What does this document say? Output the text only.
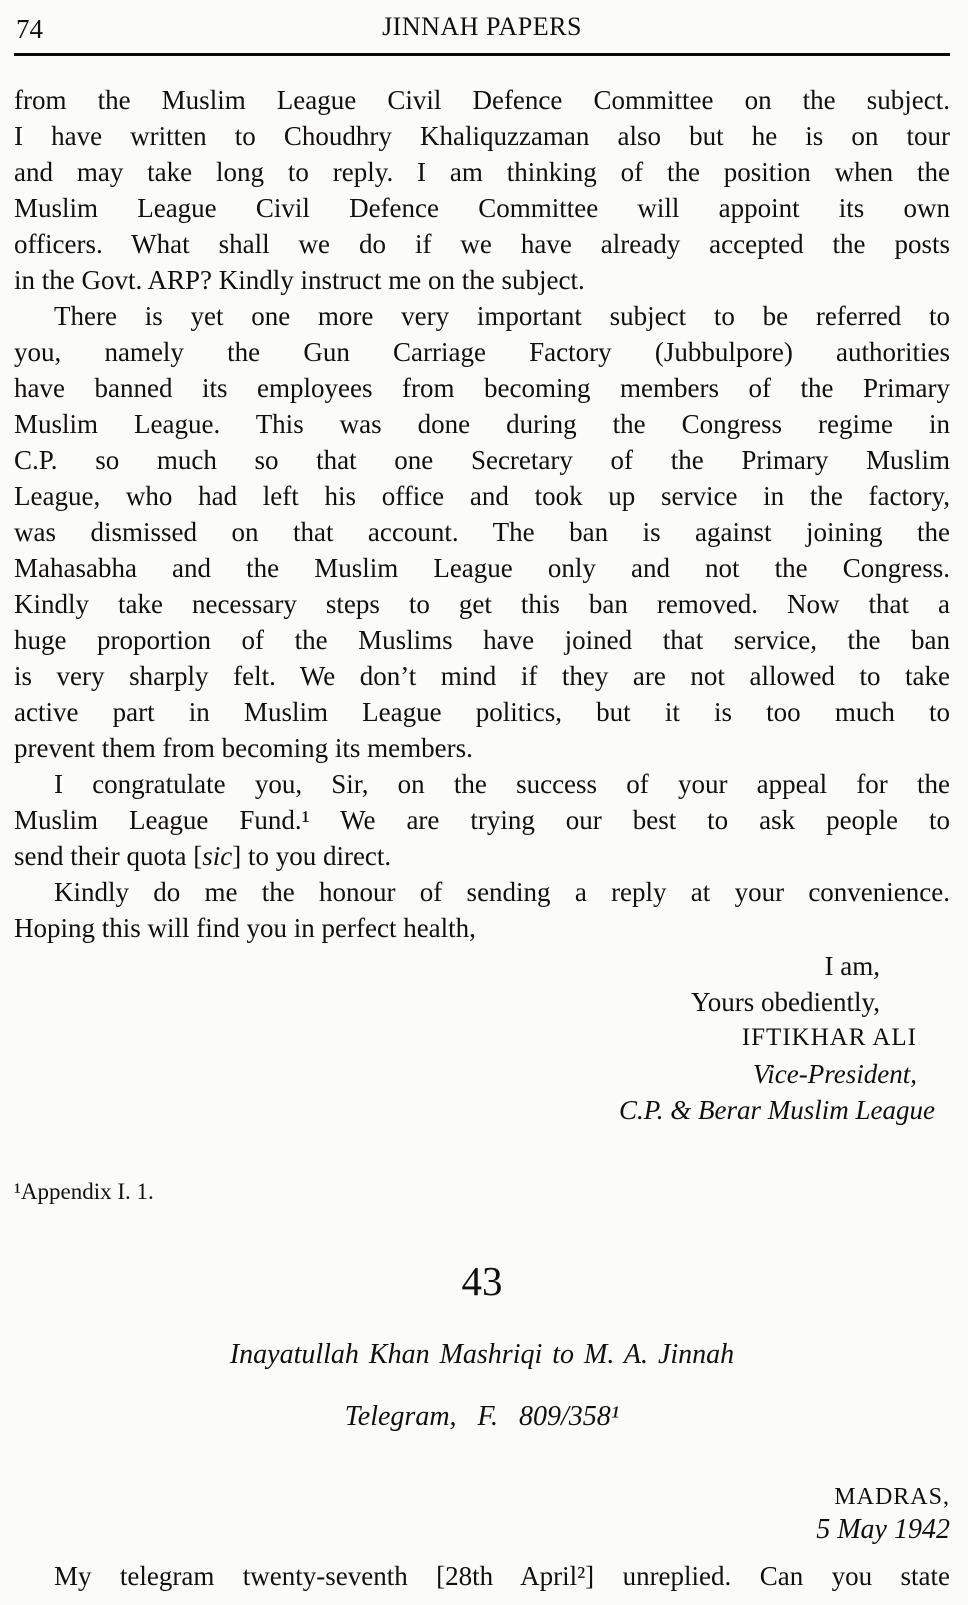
74	JINNAH PAPERS
from the Muslim League Civil Defence Committee on the subject.
I have written to Choudhry Khaliquzzaman also but he is on tour
and may take long to reply. I am thinking of the position when the
Muslim League Civil Defence Committee will appoint its own
officers. What shall we do if we have already accepted the posts
in the Govt. ARP? Kindly instruct me on the subject.
There is yet one more very important subject to be referred to
you, namely the Gun Carriage Factory (Jubbulpore) authorities
have banned its employees from becoming members of the Primary
Muslim League. This was done during the Congress regime in
C.P. so much so that one Secretary of the Primary Muslim
League, who had left his office and took up service in the factory,
was dismissed on that account. The ban is against joining the
Mahasabha and the Muslim League only and not the Congress.
Kindly take necessary steps to get this ban removed. Now that a
huge proportion of the Muslims have joined that service, the ban
is very sharply felt. We don’t mind if they are not allowed to take
active part in Muslim League politics, but it is too much to
prevent them from becoming its members.
I congratulate you, Sir, on the success of your appeal for the
Muslim League Fund.¹ We are trying our best to ask people to
send their quota [sic] to you direct.
Kindly do me the honour of sending a reply at your convenience.
Hoping this will find you in perfect health,
I am,
Yours obediently,
IFTIKHAR ALI
Vice-President,
C.P. & Berar Muslim League
¹Appendix I. 1.
43
Inayatullah Khan Mashriqi to M. A. Jinnah
Telegram, F. 809/358¹
MADRAS,
5 May 1942
My telegram twenty-seventh [28th April²] unreplied. Can you state
